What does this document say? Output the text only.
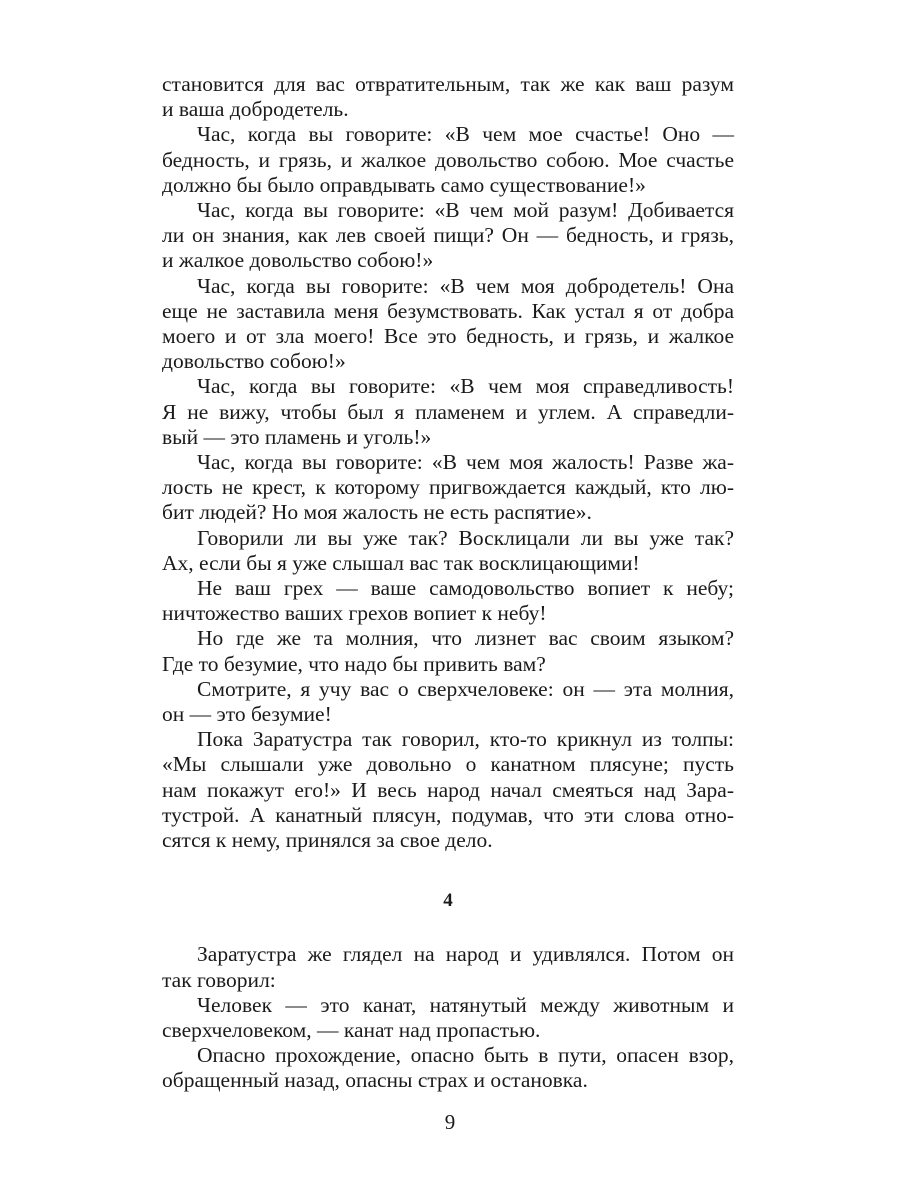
становится для вас отвратительным, так же как ваш разум
и ваша добродетель.

Час, когда вы говорите: «В чем мое счастье! Оно —
бедность, и грязь, и жалкое довольство собою. Мое счастье
должно бы было оправдывать само существование!»

Час, когда вы говорите: «В чем мой разум! Добивается
ли он знания, как лев своей пищи? Он — бедность, и грязь,
и жалкое довольство собою!»

Час, когда вы говорите: «В чем моя добродетель! Она
еще не заставила меня безумствовать. Как устал я от добра
моего и от зла моего! Все это бедность, и грязь, и жалкое
довольство собою!»

Час, когда вы говорите: «В чем моя справедливость!
Я не вижу, чтобы был я пламенем и углем. А справедли-
вый — это пламень и уголь!»

Час, когда вы говорите: «В чем моя жалость! Разве жа-
лость не крест, к которому пригвождается каждый, кто лю-
бит людей? Но моя жалость не есть распятие».

Говорили ли вы уже так? Восклицали ли вы уже так?
Ах, если бы я уже слышал вас так восклицающими!

Не ваш грех — ваше самодовольство вопиет к небу;
ничтожество ваших грехов вопиет к небу!

Но где же та молния, что лизнет вас своим языком?
Где то безумие, что надо бы привить вам?

Смотрите, я учу вас о сверхчеловеке: он — эта молния,
он — это безумие!

Пока Заратустра так говорил, кто-то крикнул из толпы:
«Мы слышали уже довольно о канатном плясуне; пусть
нам покажут его!» И весь народ начал смеяться над Зара-
тустрой. А канатный плясун, подумав, что эти слова отно-
сятся к нему, принялся за свое дело.

4

Заратустра же глядел на народ и удивлялся. Потом он
так говорил:

Человек — это канат, натянутый между животным и
сверхчеловеком, — канат над пропастью.

Опасно прохождение, опасно быть в пути, опасен взор,
обращенный назад, опасны страх и остановка.

9
